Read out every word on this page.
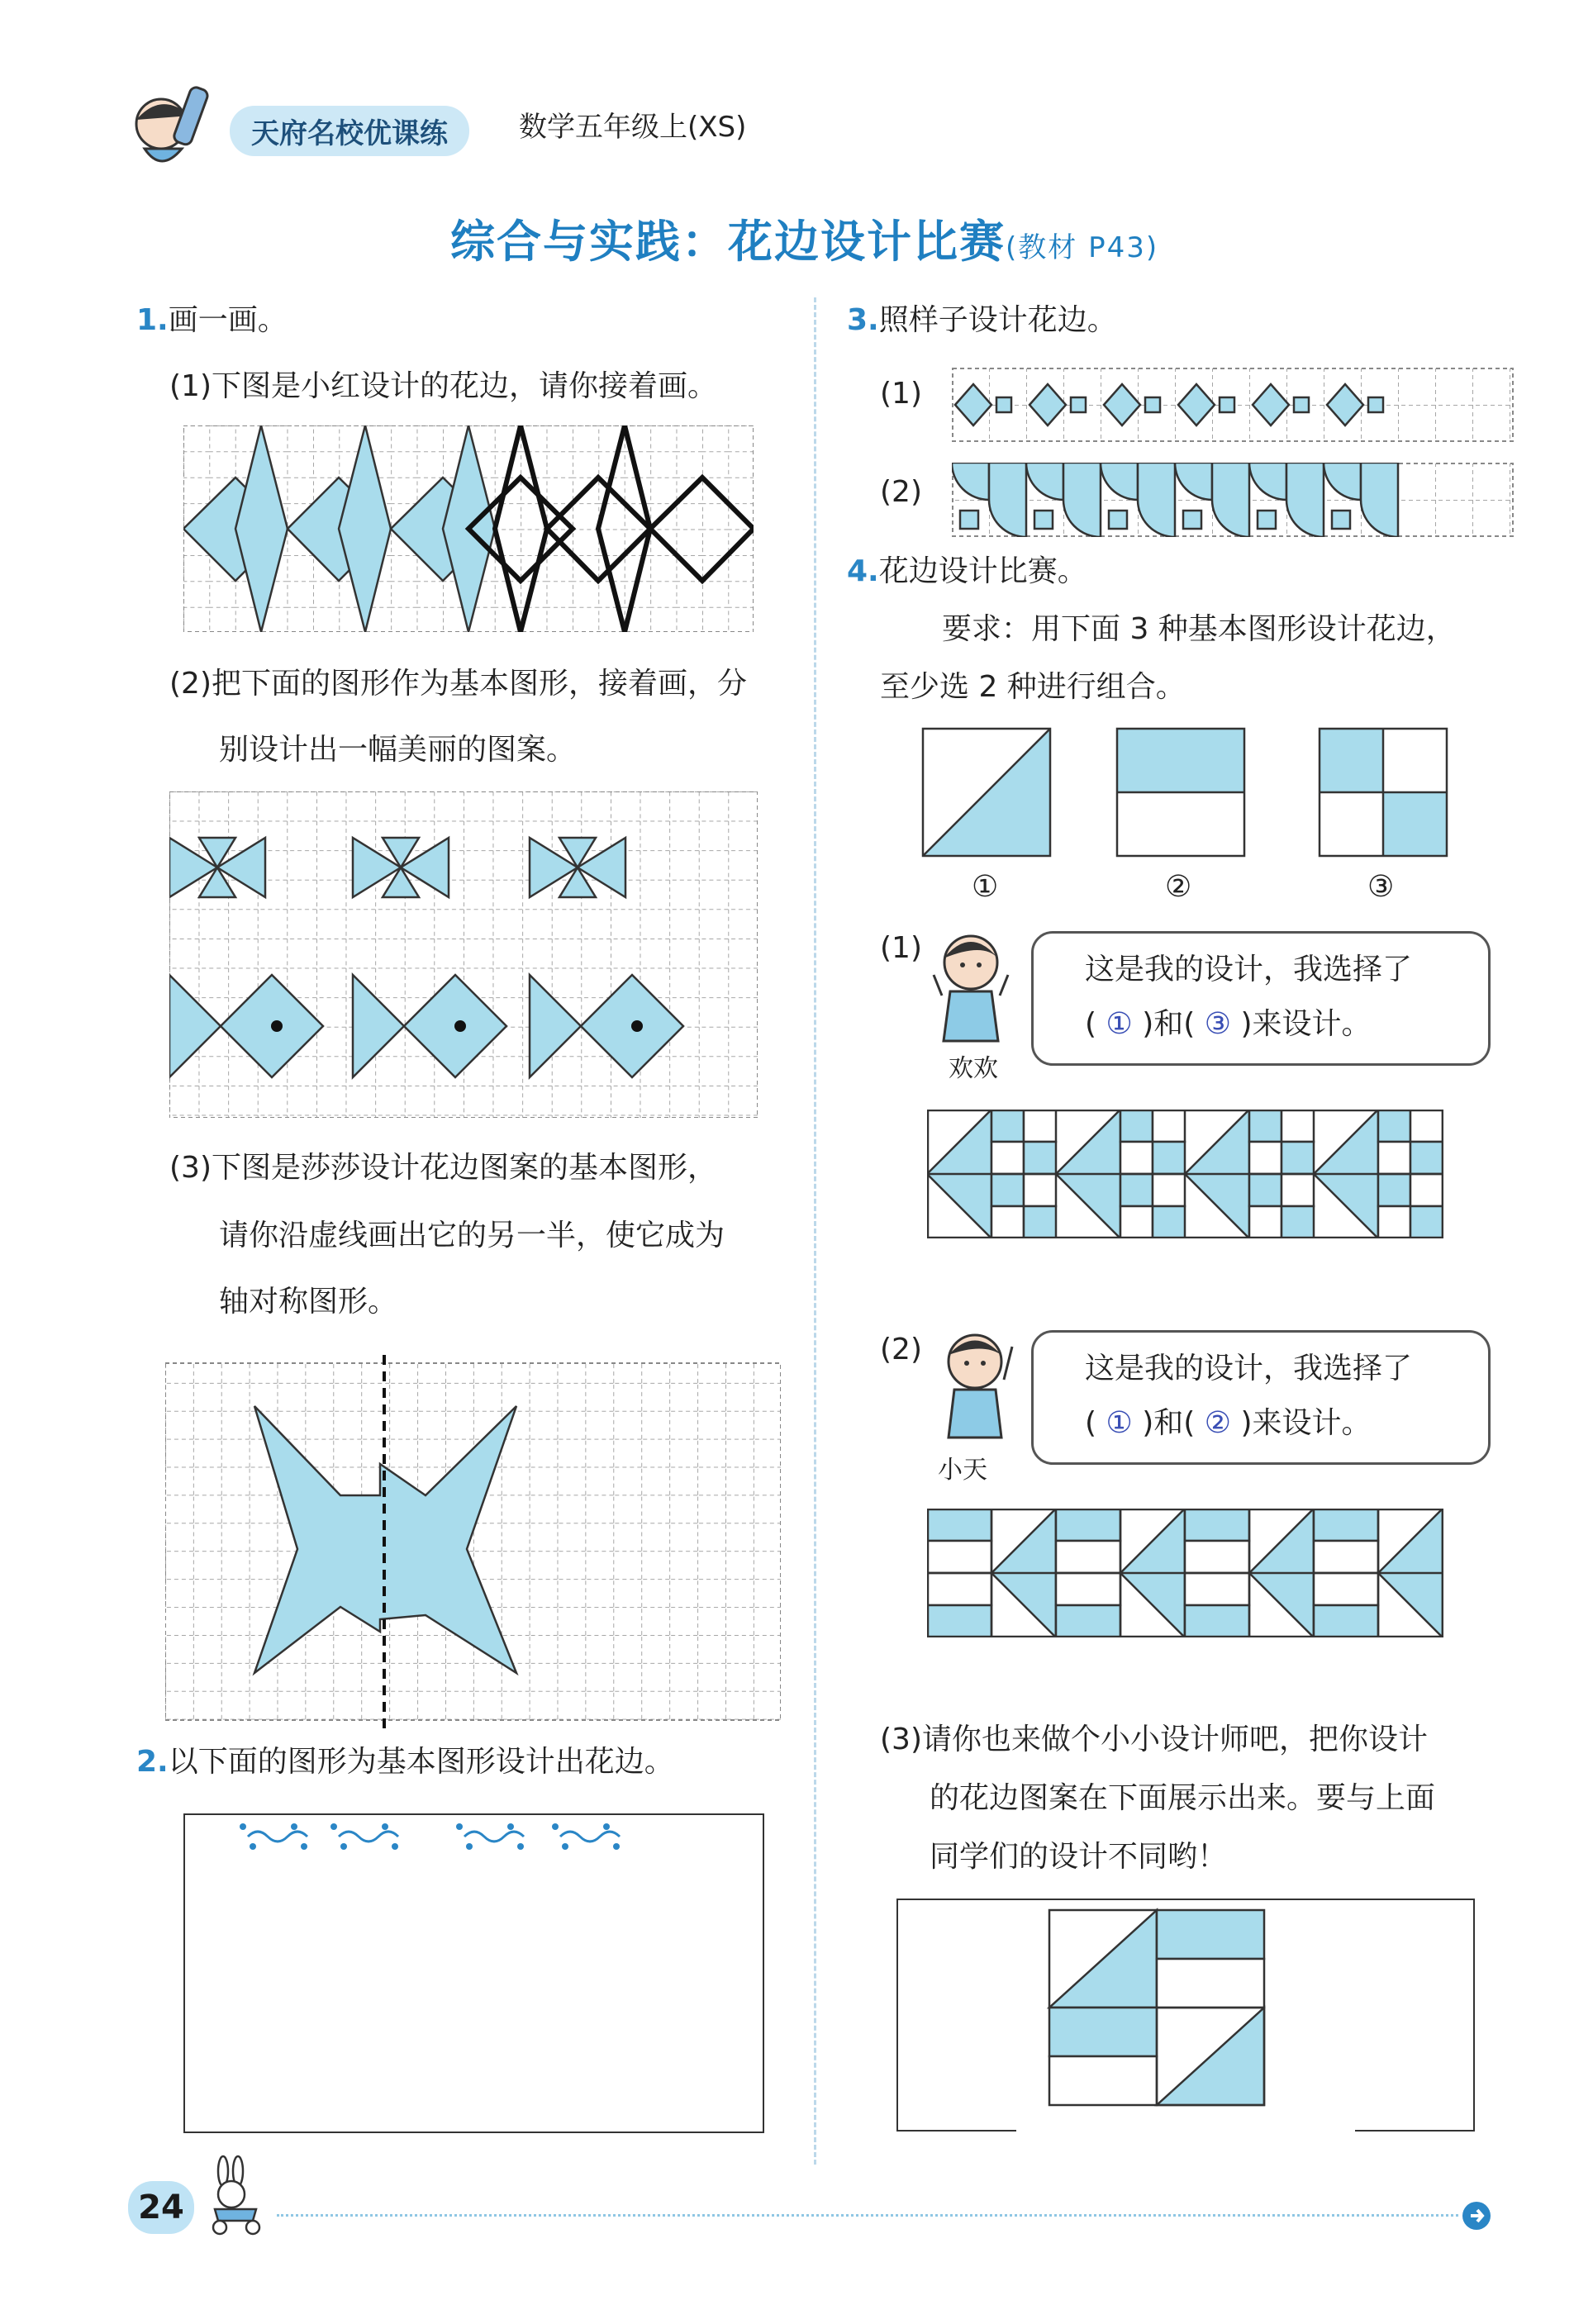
天府名校优课练	数学五年级上(XS)
综合与实践：花边设计比赛(教材 P43)
1.画一画。
(1)下图是小红设计的花边，请你接着画。
(2)把下面的图形作为基本图形，接着画，分
别设计出一幅美丽的图案。
(3)下图是莎莎设计花边图案的基本图形，
请你沿虚线画出它的另一半，使它成为
轴对称图形。
2.以下面的图形为基本图形设计出花边。
3.照样子设计花边。
(1)
(2)
4.花边设计比赛。
要求：用下面 3 种基本图形设计花边，
至少选 2 种进行组合。
①	②	③
(1)
欢欢
这是我的设计，我选择了
( ① )和( ③ )来设计。
(2)
小天
这是我的设计，我选择了
( ① )和( ② )来设计。
(3)请你也来做个小小设计师吧，把你设计
的花边图案在下面展示出来。要与上面
同学们的设计不同哟！
24
